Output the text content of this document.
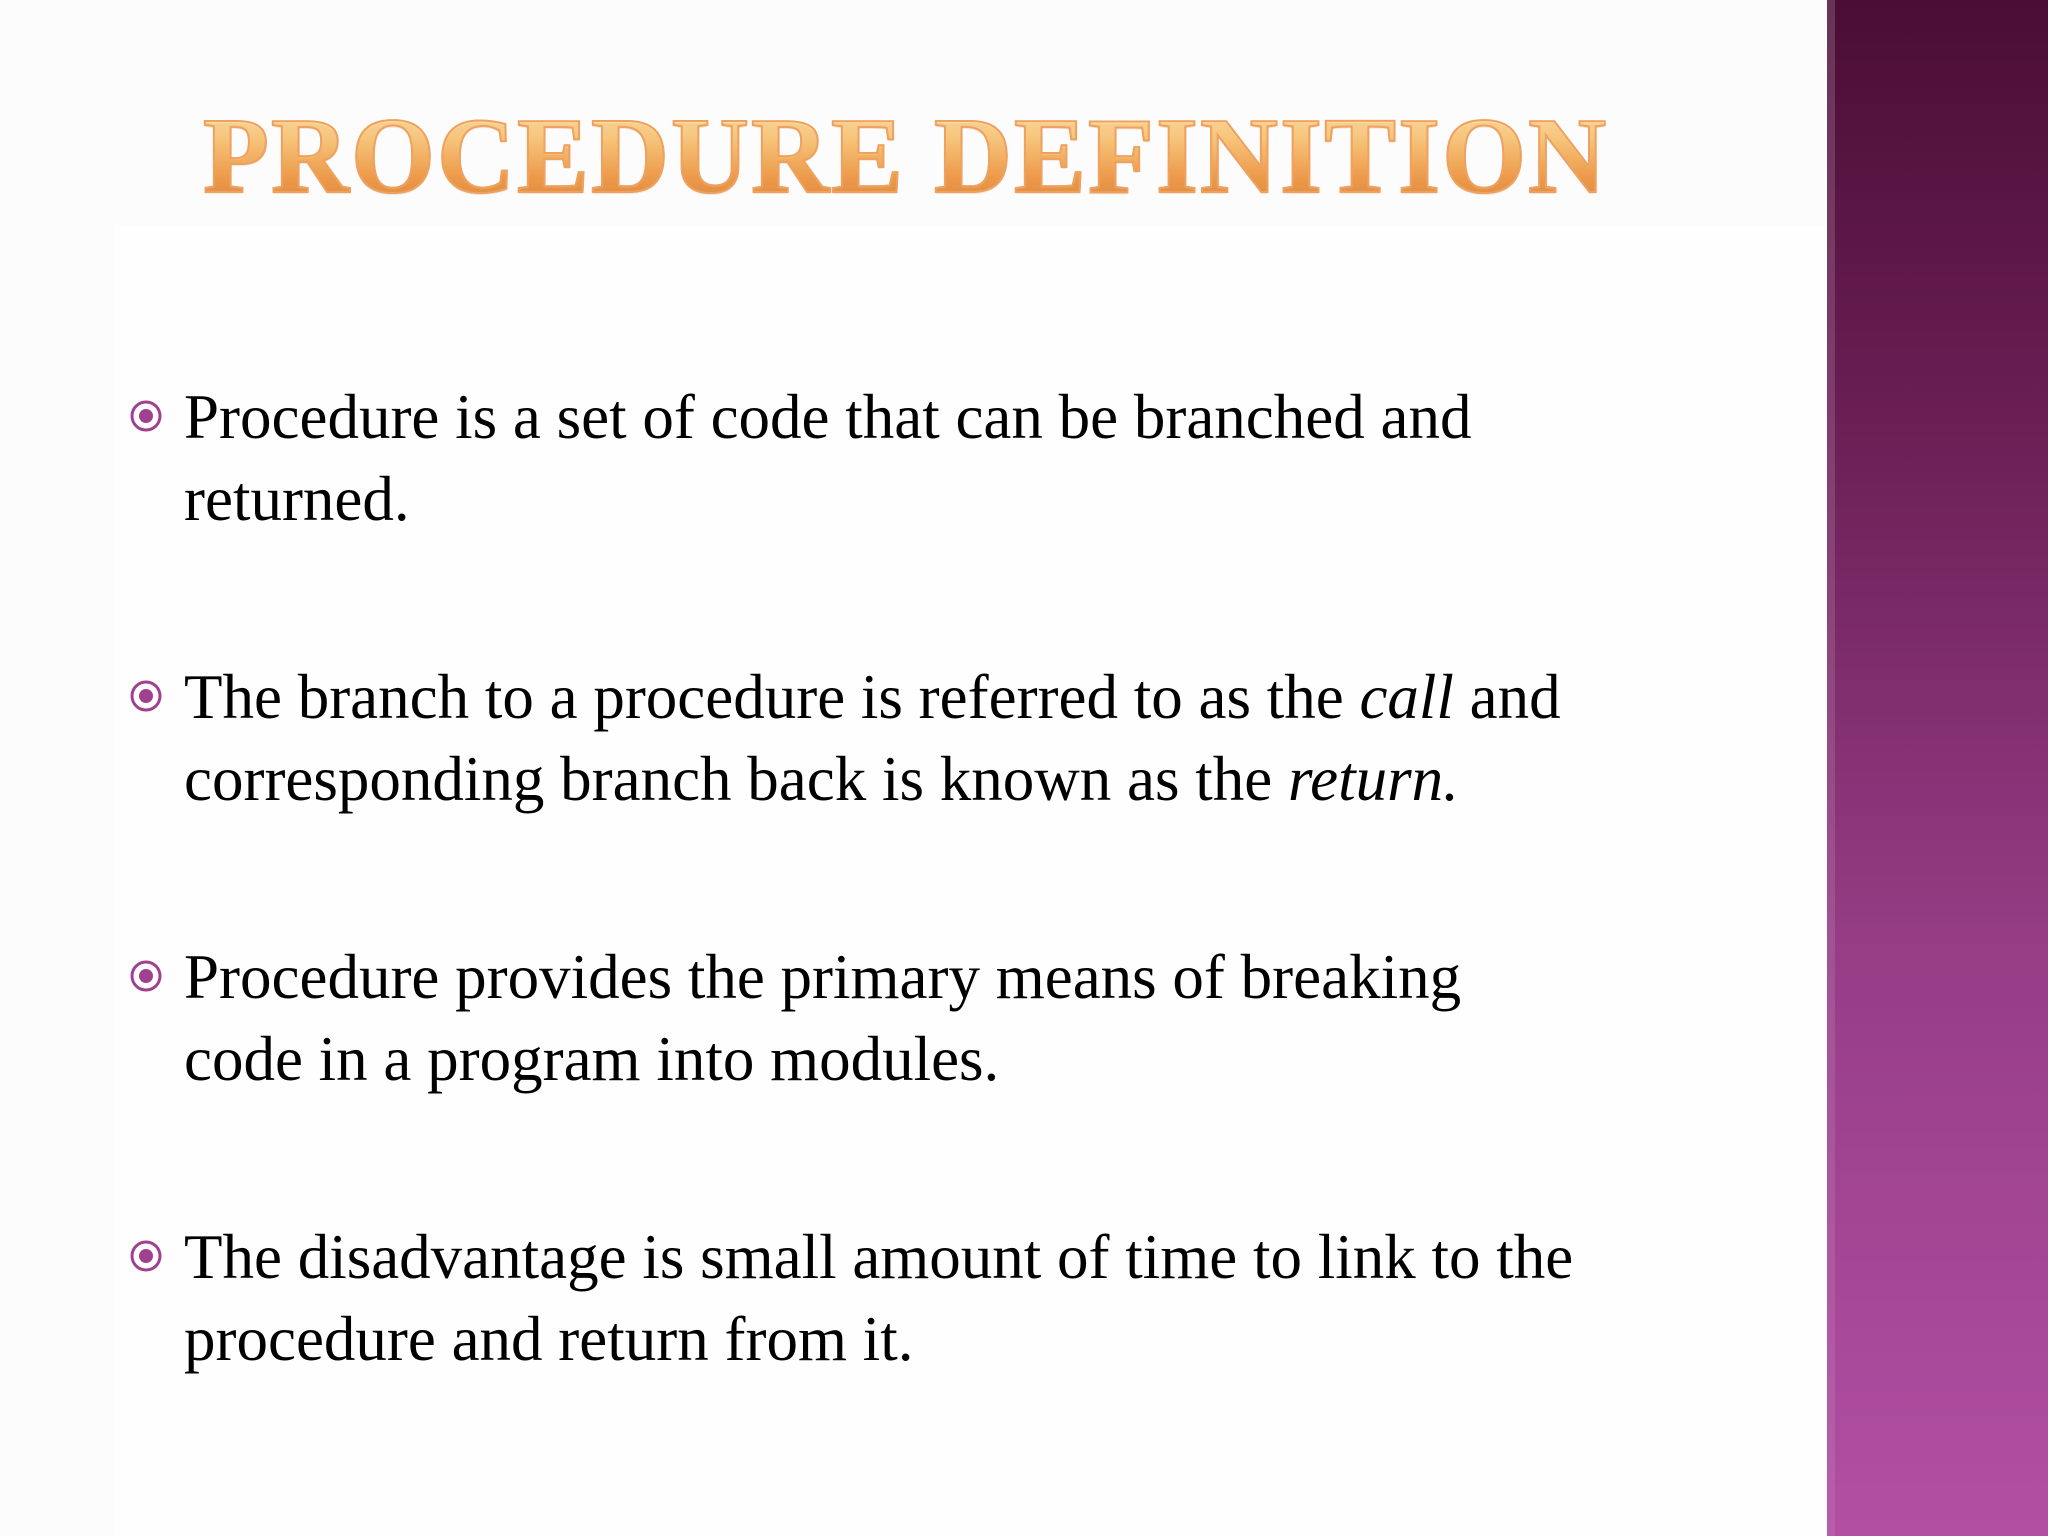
PROCEDURE DEFINITION
Procedure is a set of code that can be branched and
returned.
The branch to a procedure is referred to as the call and
corresponding branch back is known as the return.
Procedure provides the primary means of breaking
code in a program into modules.
The disadvantage is small amount of time to link to the
procedure and return from it.
